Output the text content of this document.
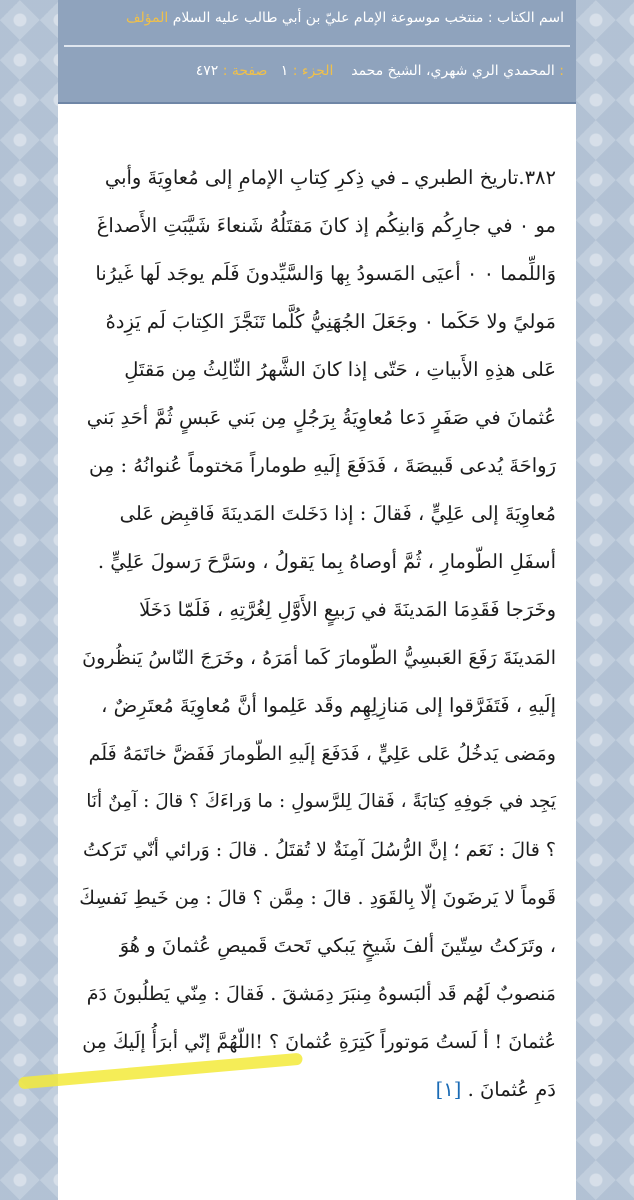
اسم الكتاب : منتخب موسوعة الإمام عليّ بن أبي طالب عليه السلام المؤلف
: المحمدي الري شهري، الشيخ محمد    الجزء : ١   صفحة : ٤٧٢
٣٨٢.تاريخ الطبري ـ في ذِكرِ كِتابِ الإمامِ إلى مُعاوِيَةَ وأبي
مو ٠ في جارِكُم وَابنِكُم إذ كانَ مَقتَلُهُ شَنعاءَ شَيَّبَتِ الأَصداغَ
وَاللِّمما ٠ ٠ أعيَى المَسودُ بِها وَالسَّيِّدونَ فَلَم يوجَد لَها غَيرُنا
مَوليً ولا حَكَما ٠ وجَعَلَ الجُهَنِيُّ كُلَّما تَنَجَّزَ الكِتابَ لَم يَزِدهُ
عَلى هذِهِ الأَبياتِ ، حَتّى إذا كانَ الشَّهرُ الثّالِثُ مِن مَقتَلِ
عُثمانَ في صَفَرٍ دَعا مُعاوِيَةُ بِرَجُلٍ مِن بَني عَبسٍ ثُمَّ أحَدِ بَني
رَواحَةَ يُدعى قَبيصَةَ ، فَدَفَعَ إلَيهِ طوماراً مَختوماً عُنوانُهُ : مِن
مُعاوِيَةَ إلى عَلِيٍّ ، فَقالَ : إذا دَخَلتَ المَدينَةَ فَاقبِض عَلى
أسفَلِ الطّومارِ ، ثُمَّ أوصاهُ بِما يَقولُ ، وسَرَّحَ رَسولَ عَلِيٍّ .
وخَرَجا فَقَدِمَا المَدينَةَ في رَبيعٍ الأَوَّلِ لِغُرَّتِهِ ، فَلَمّا دَخَلَا
المَدينَةَ رَفَعَ العَبسِيُّ الطّومارَ كَما أمَرَهُ ، وخَرَجَ النّاسُ يَنظُرونَ
إلَيهِ ، فَتَفَرَّقوا إلى مَنازِلِهِم وقَد عَلِموا أنَّ مُعاوِيَةَ مُعتَرِضٌ ،
ومَضى يَدخُلُ عَلى عَلِيٍّ ، فَدَفَعَ إلَيهِ الطّومارَ فَفَضَّ خاتَمَهُ فَلَم
يَجِد في جَوفِهِ كِتابَةً ، فَقالَ لِلرَّسولِ : ما وَراءَكَ ؟ قالَ : آمِنٌ أنَا
؟ قالَ : نَعَم ؛ إنَّ الرُّسُلَ آمِنَةٌ لا تُقتَلُ . قالَ : وَرائي أنّي تَرَكتُ
قَوماً لا يَرضَونَ إلّا بِالقَوَدِ . قالَ : مِمَّن ؟ قالَ : مِن خَيطِ نَفسِكَ
، وتَرَكتُ سِتّينَ ألفَ شَيخٍ يَبكي تَحتَ قَميصِ عُثمانَ و هُوَ
مَنصوبٌ لَهُم قَد ألبَسوهُ مِنبَرَ دِمَشقَ . فَقالَ : مِنّي يَطلُبونَ دَمَ
عُثمانَ ! أ لَستُ مَوتوراً كَتِرَةِ عُثمانَ ؟ !اللّهُمَّ إنّي أبرَأُ إلَيكَ مِن
دَمِ عُثمانَ . [١]
